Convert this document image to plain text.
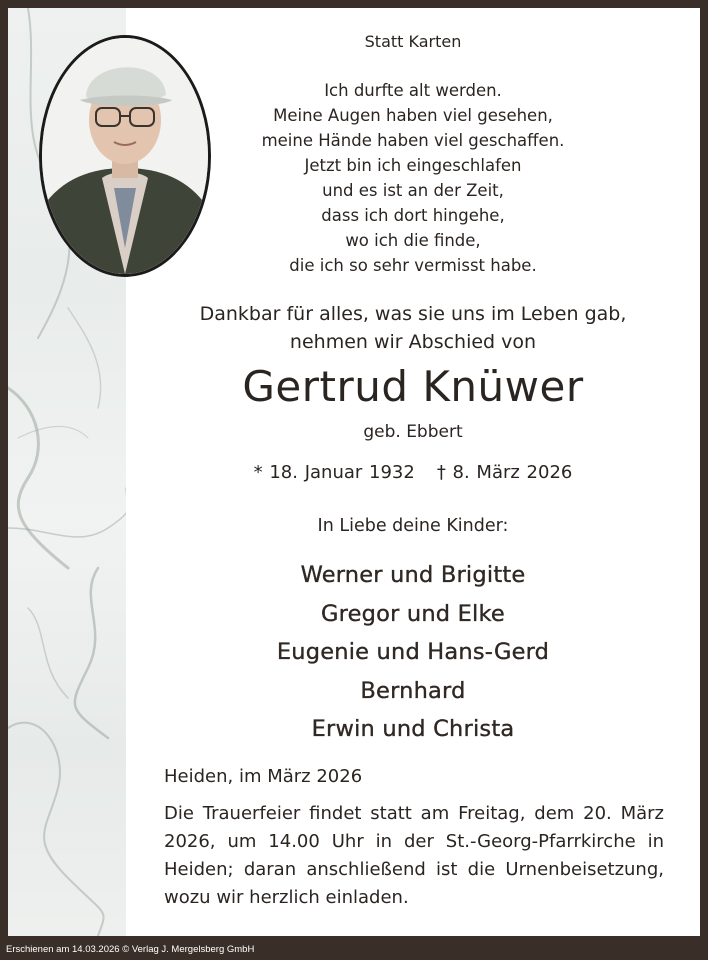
Statt Karten
Ich durfte alt werden.
Meine Augen haben viel gesehen,
meine Hände haben viel geschaffen.
Jetzt bin ich eingeschlafen
und es ist an der Zeit,
dass ich dort hingehe,
wo ich die finde,
die ich so sehr vermisst habe.
Dankbar für alles, was sie uns im Leben gab,
nehmen wir Abschied von
Gertrud Knüwer
geb. Ebbert
* 18. Januar 1932 † 8. März 2026
In Liebe deine Kinder:
Werner und Brigitte
Gregor und Elke
Eugenie und Hans-Gerd
Bernhard
Erwin und Christa
Heiden, im März 2026
Die Trauerfeier findet statt am Freitag, dem 20. März 2026, um 14.00 Uhr in der St.-Georg-Pfarrkirche in Heiden; daran anschließend ist die Urnenbeisetzung, wozu wir herzlich einladen.
Erschienen am 14.03.2026 © Verlag J. Mergelsberg GmbH
